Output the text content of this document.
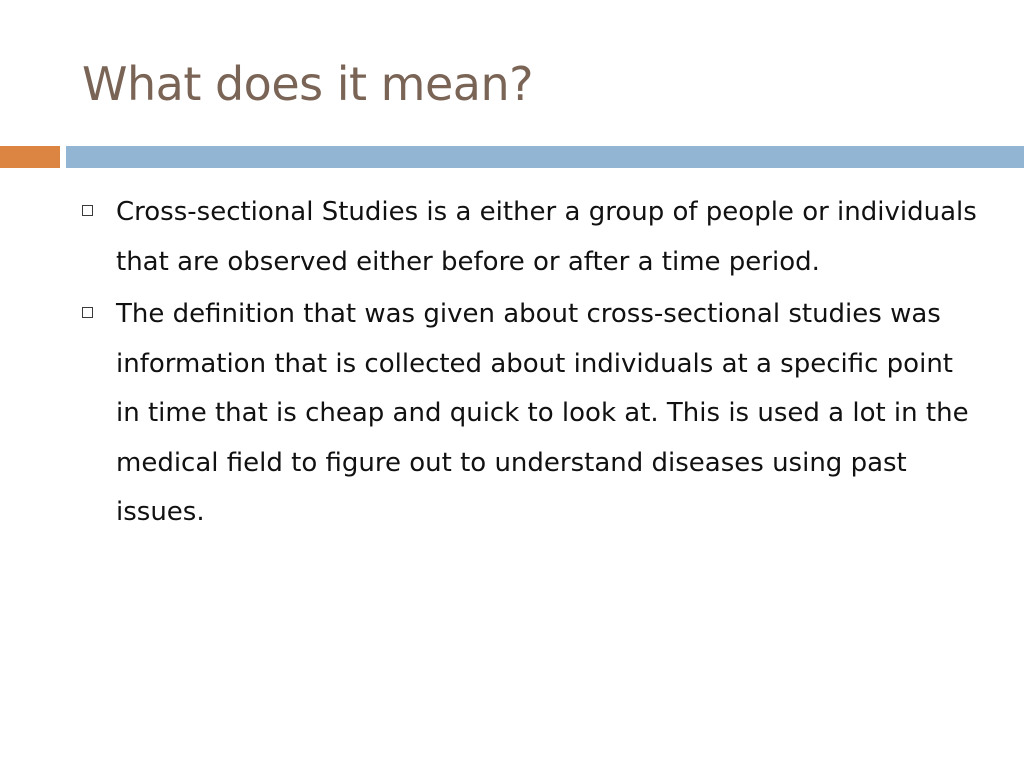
What does it mean?
Cross-sectional Studies is a either a group of people or individuals that are observed either before or after a time period.
The definition that was given about cross-sectional studies was information that is collected about individuals at a specific point in time that is cheap and quick to look at. This is used a lot in the medical field to figure out to understand diseases using past issues.
